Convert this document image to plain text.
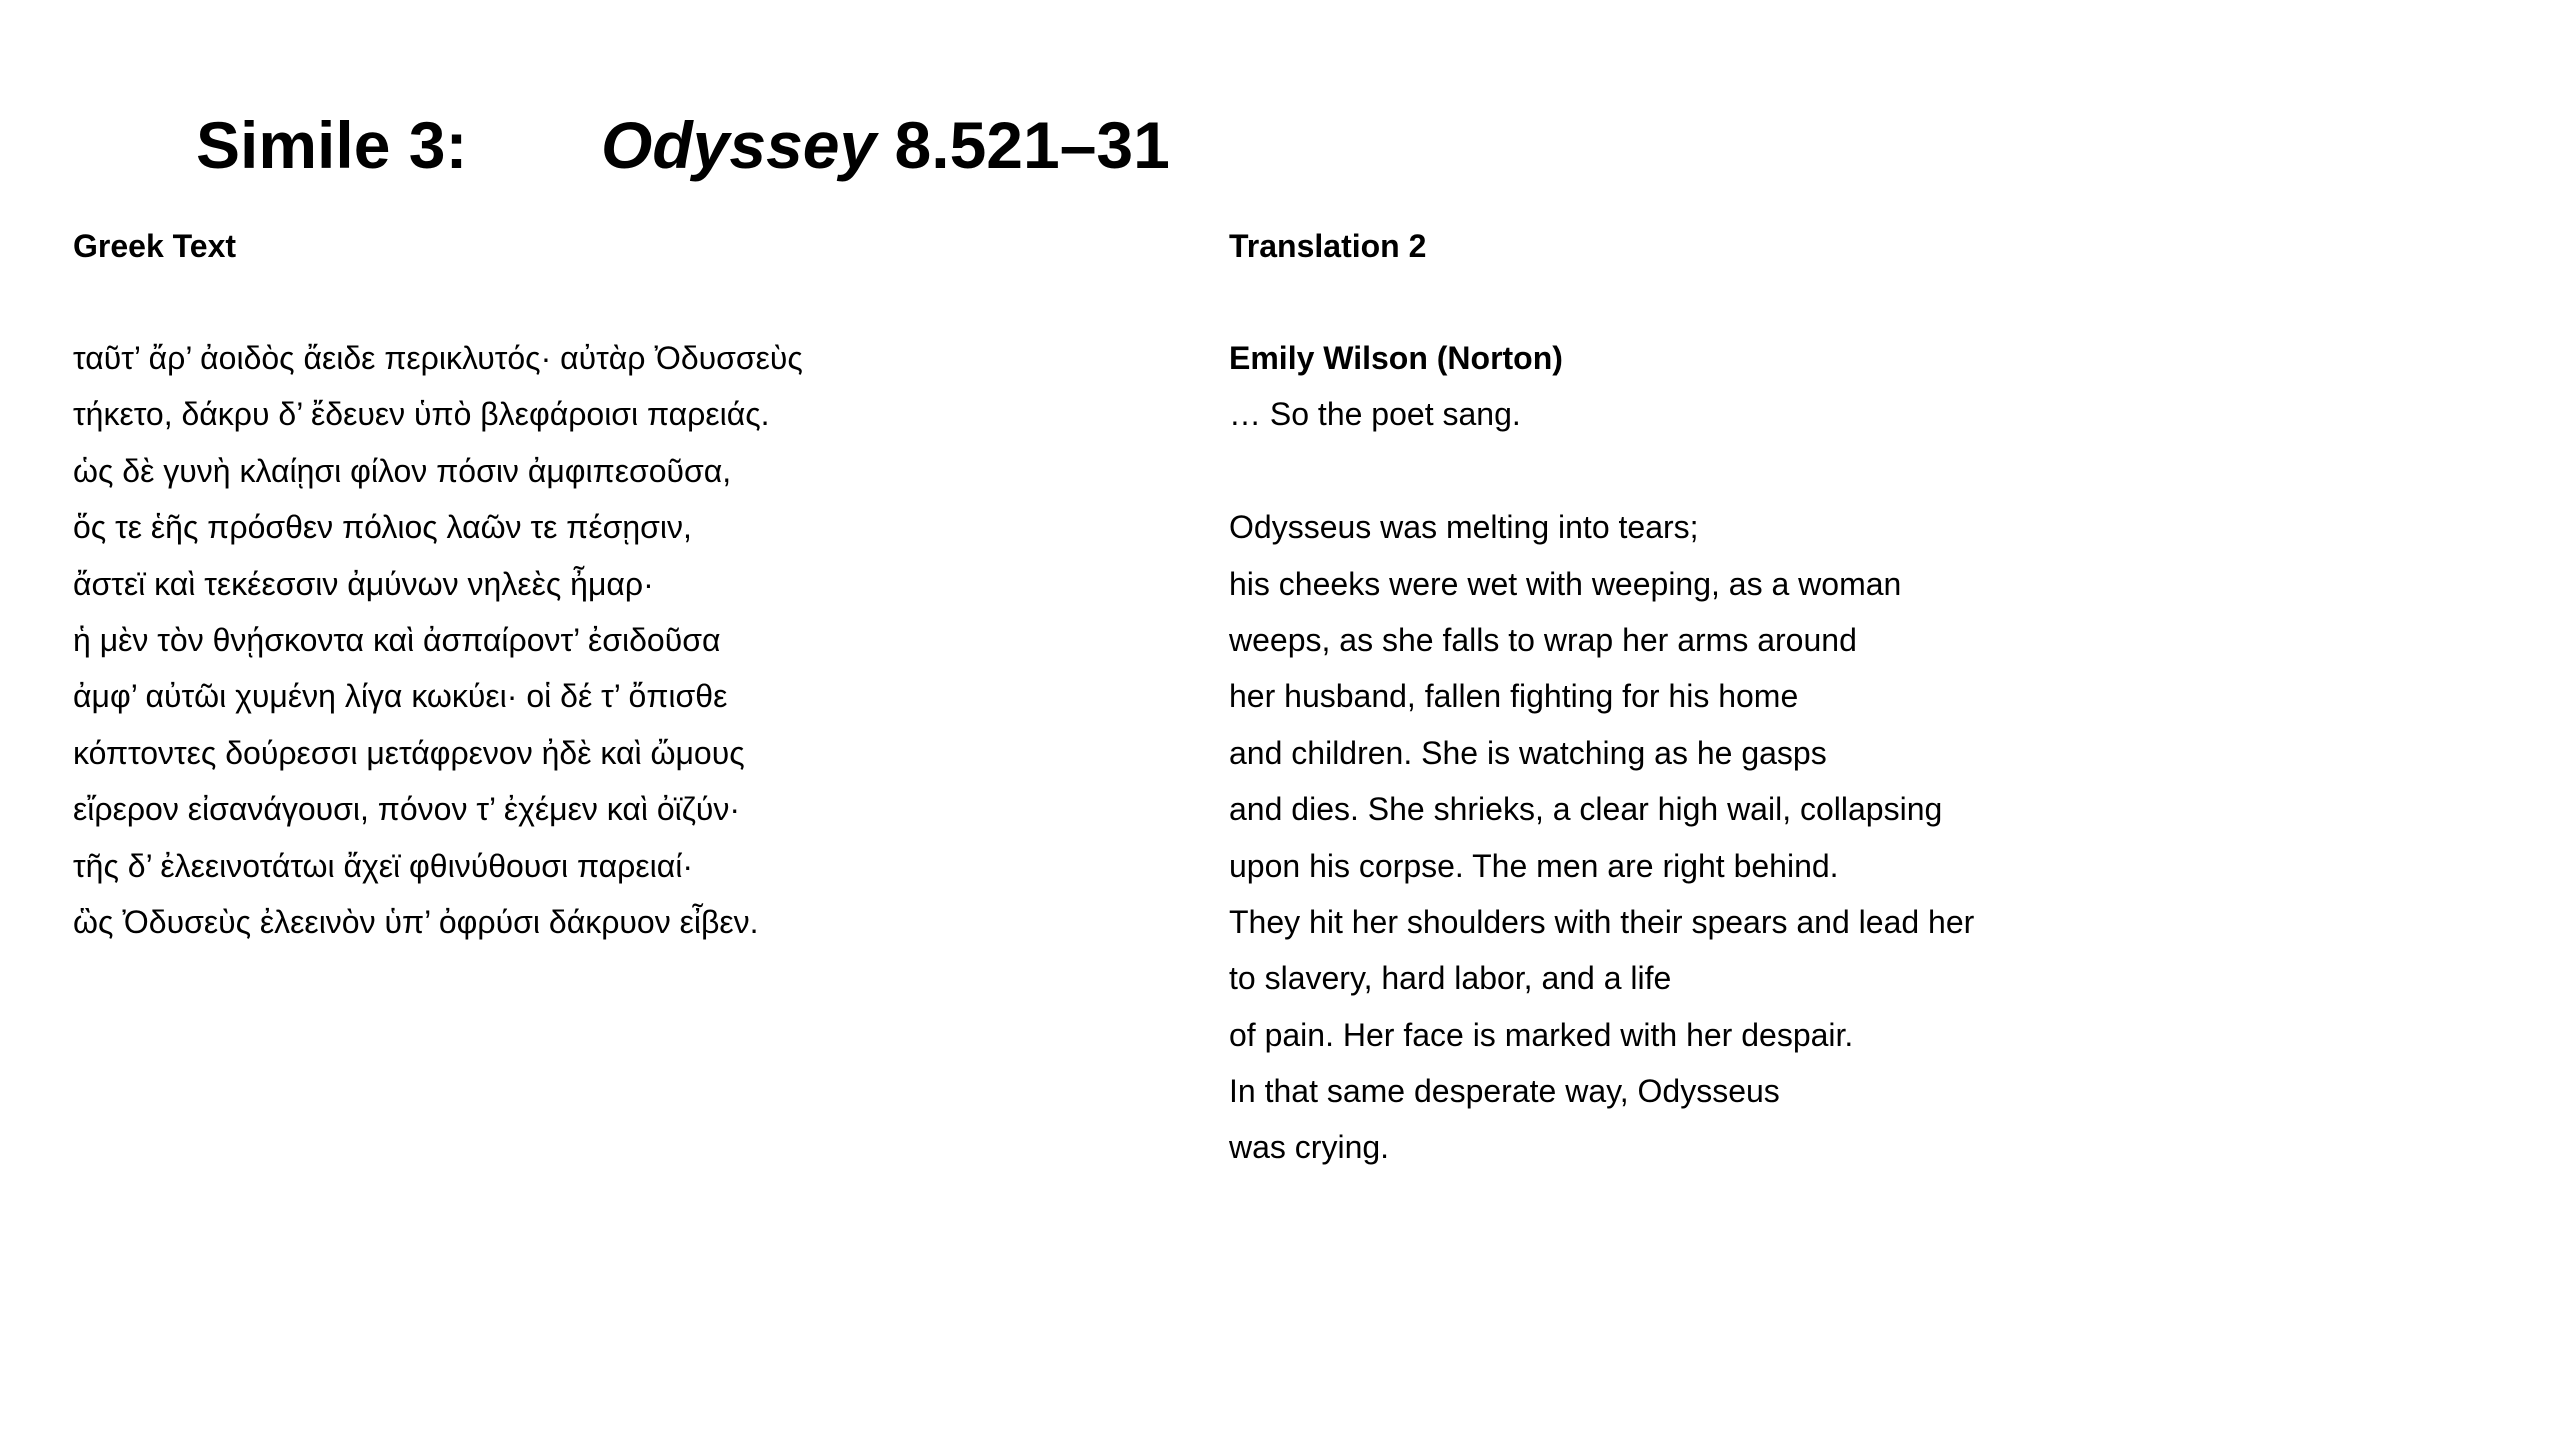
Simile 3: Odyssey 8.521–31
Greek Text
ταῦτ’ ἄρ’ ἀοιδὸς ἄειδε περικλυτός· αὐτὰρ Ὀδυσσεὺς
τήκετο, δάκρυ δ’ ἔδευεν ὑπὸ βλεφάροισι παρειάς.
ὡς δὲ γυνὴ κλαίῃσι φίλον πόσιν ἀμφιπεσοῦσα,
ὅς τε ἑῆς πρόσθεν πόλιος λαῶν τε πέσῃσιν,
ἄστεϊ καὶ τεκέεσσιν ἀμύνων νηλεὲς ἦμαρ·
ἡ μὲν τὸν θνῄσκοντα καὶ ἀσπαίροντ’ ἐσιδοῦσα
ἀμφ’ αὐτῶι χυμένη λίγα κωκύει· οἱ δέ τ’ ὄπισθε
κόπτοντες δούρεσσι μετάφρενον ἠδὲ καὶ ὤμους
εἴρερον εἰσανάγουσι, πόνον τ’ ἐχέμεν καὶ ὀϊζύν·
τῆς δ’ ἐλεεινοτάτωι ἄχεϊ φθινύθουσι παρειαί·
ὣς Ὀδυσεὺς ἐλεεινὸν ὑπ’ ὀφρύσι δάκρυον εἶβεν.
Translation 2
Emily Wilson (Norton)
… So the poet sang.
Odysseus was melting into tears;
his cheeks were wet with weeping, as a woman
weeps, as she falls to wrap her arms around
her husband, fallen fighting for his home
and children. She is watching as he gasps
and dies. She shrieks, a clear high wail, collapsing
upon his corpse. The men are right behind.
They hit her shoulders with their spears and lead her
to slavery, hard labor, and a life
of pain. Her face is marked with her despair.
In that same desperate way, Odysseus
was crying.
